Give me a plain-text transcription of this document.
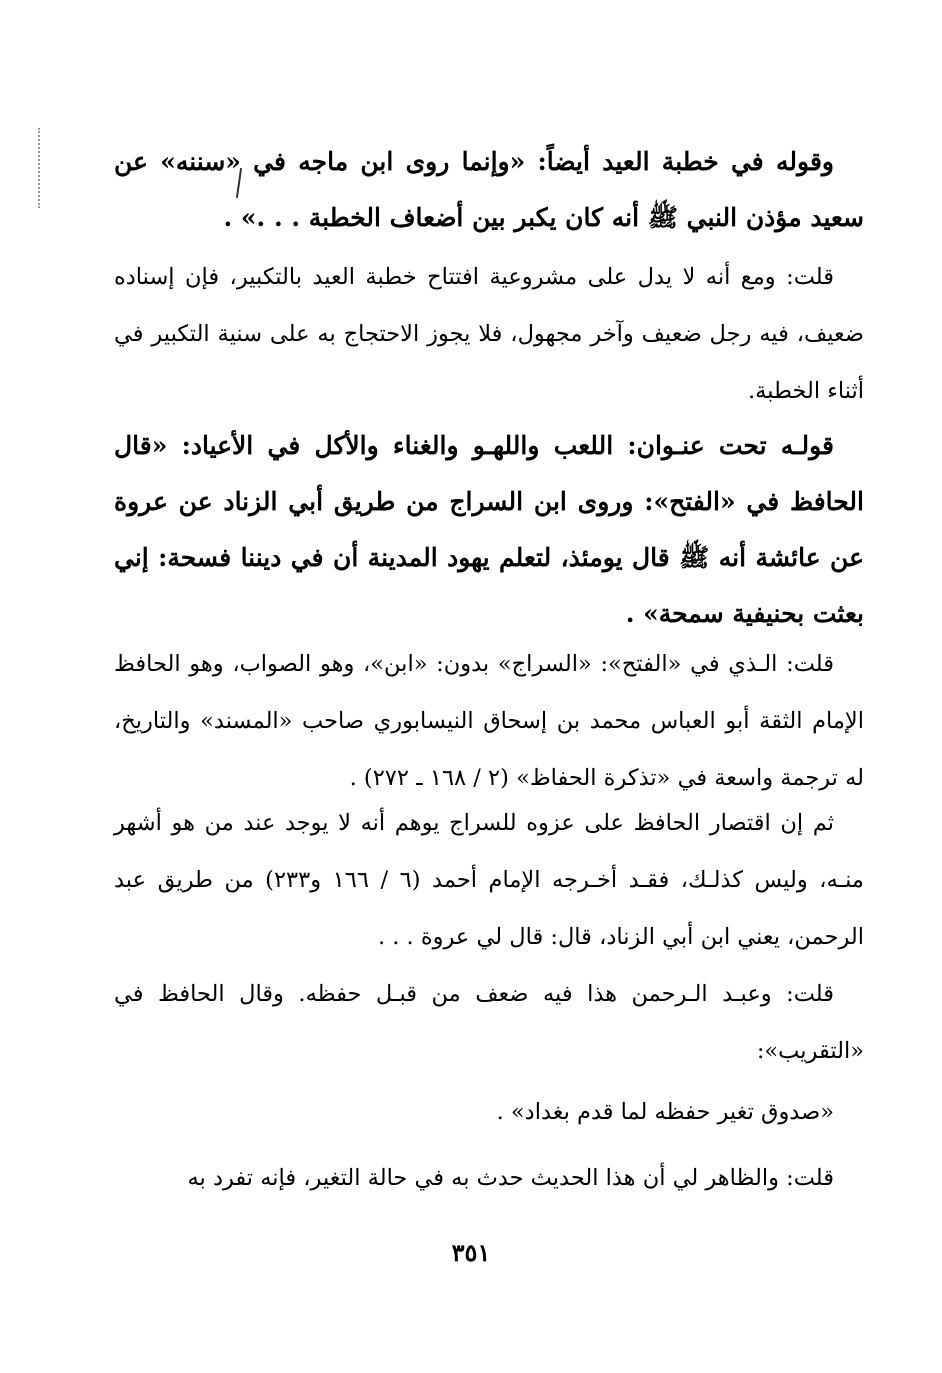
وقوله في خطبة العيد أيضاً: «وإنما روى ابن ماجه في «سننه» عن سعيد مؤذن النبي ﷺ أنه كان يكبر بين أضعاف الخطبة . . .» .

قلت: ومع أنه لا يدل على مشروعية افتتاح خطبة العيد بالتكبير، فإن إسناده ضعيف، فيه رجل ضعيف وآخر مجهول، فلا يجوز الاحتجاج به على سنية التكبير في أثناء الخطبة.

قولـه تحت عنـوان: اللعب واللهـو والغناء والأكل في الأعياد: «قال الحافظ في «الفتح»: وروى ابن السراج من طريق أبي الزناد عن عروة عن عائشة أنه ﷺ قال يومئذ، لتعلم يهود المدينة أن في ديننا فسحة: إني بعثت بحنيفية سمحة» .

قلت: الـذي في «الفتح»: «السراج» بدون: «ابن»، وهو الصواب، وهو الحافظ الإمام الثقة أبو العباس محمد بن إسحاق النيسابوري صاحب «المسند» والتاريخ، له ترجمة واسعة في «تذكرة الحفاظ» (٢ / ١٦٨ ـ ٢٧٢) .

ثم إن اقتصار الحافظ على عزوه للسراج يوهم أنه لا يوجد عند من هو أشهر منـه، وليس كذلـك، فقـد أخـرجه الإمام أحمد (٦ / ١٦٦ و٢٣٣) من طريق عبد الرحمن، يعني ابن أبي الزناد، قال: قال لي عروة . . .

قلت: وعبـد الـرحمن هذا فيه ضعف من قبـل حفظه. وقال الحافظ في «التقريب»:

«صدوق تغير حفظه لما قدم بغداد» .

قلت: والظاهر لي أن هذا الحديث حدث به في حالة التغير، فإنه تفرد به

٣٥١
